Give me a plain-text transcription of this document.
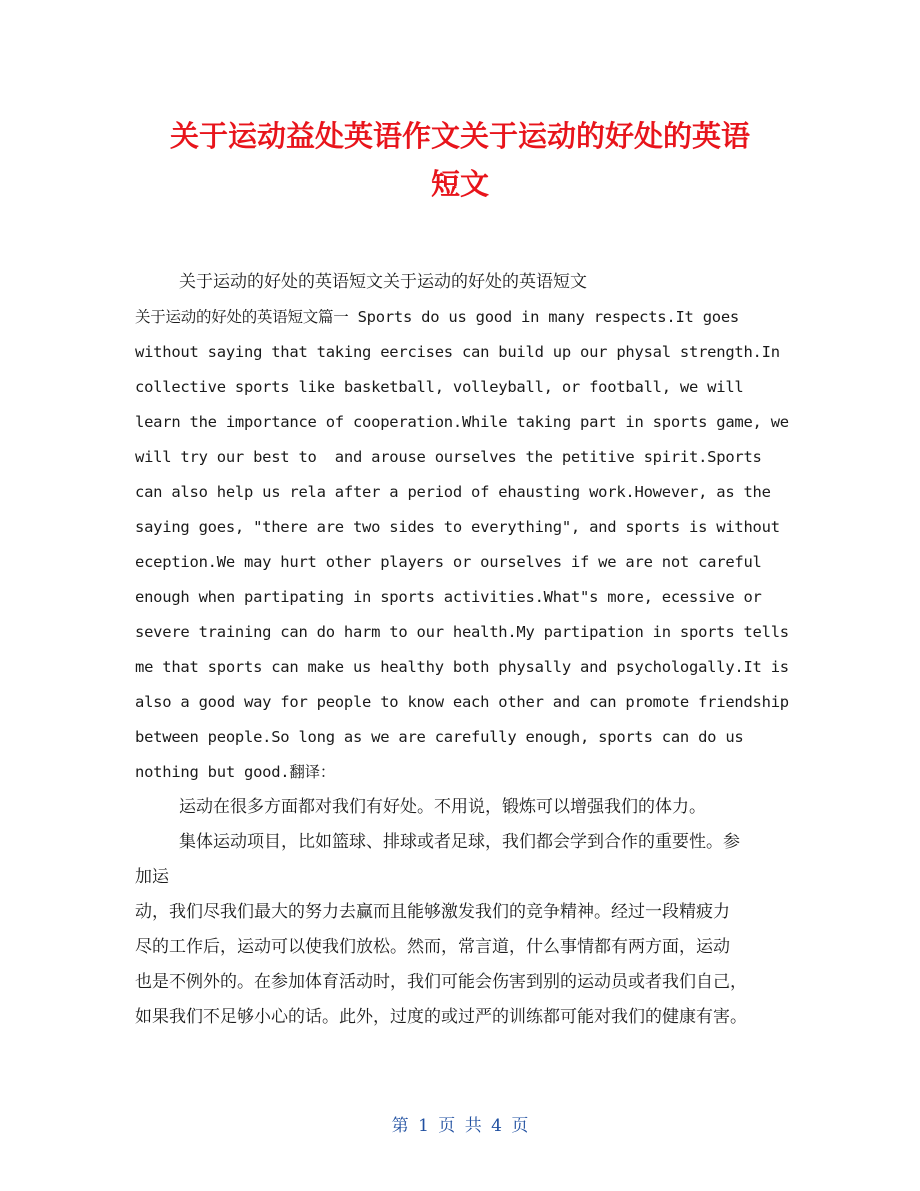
关于运动益处英语作文关于运动的好处的英语
短文

关于运动的好处的英语短文关于运动的好处的英语短文

关于运动的好处的英语短文篇一 Sports do us good in many respects.It goes

without saying that taking eercises can build up our physal strength.In

collective sports like basketball, volleyball, or football, we will

learn the importance of cooperation.While taking part in sports game, we

will try our best to  and arouse ourselves the petitive spirit.Sports

can also help us rela after a period of ehausting work.However, as the

saying goes, "there are two sides to everything", and sports is without

eception.We may hurt other players or ourselves if we are not careful

enough when partipating in sports activities.What"s more, ecessive or

severe training can do harm to our health.My partipation in sports tells

me that sports can make us healthy both physally and psychologally.It is

also a good way for people to know each other and can promote friendship

between people.So long as we are carefully enough, sports can do us

nothing but good.翻译：

运动在很多方面都对我们有好处。不用说，锻炼可以增强我们的体力。

集体运动项目，比如篮球、排球或者足球，我们都会学到合作的重要性。参

加运

动，我们尽我们最大的努力去赢而且能够激发我们的竞争精神。经过一段精疲力

尽的工作后，运动可以使我们放松。然而，常言道，什么事情都有两方面，运动

也是不例外的。在参加体育活动时，我们可能会伤害到别的运动员或者我们自己，

如果我们不足够小心的话。此外，过度的或过严的训练都可能对我们的健康有害。

第 1 页 共 4 页
